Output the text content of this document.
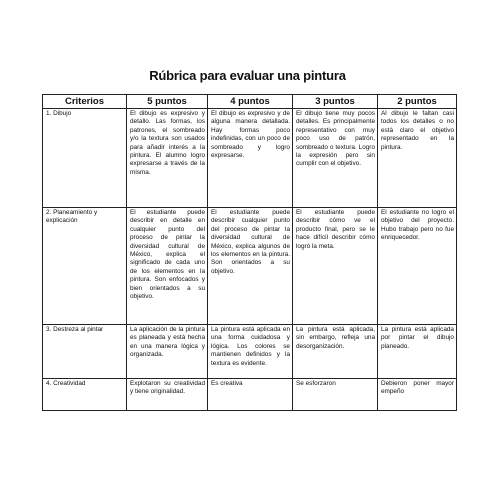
Rúbrica para evaluar una pintura
Criterios	5 puntos	4 puntos	3 puntos	2 puntos
1. Dibujo	El dibujo es expresivo y detallo. Las formas, los patrones, el sombreado y/o la textura son usados para añadir interés a la pintura. El alumno logro expresarse a través de la misma.	El dibujo es expresivo y de alguna manera detallada. Hay formas poco indefinidas, con un poco de sombreado y logro expresarse.	El dibujo tiene muy pocos detalles. Es principalmente representativo con muy poco uso de patrón, sombreado o textura. Logro la expresión pero sin cumplir con el objetivo.	Al dibujo le faltan casi todos los detalles o no está claro el objetivo representado en la pintura.
2. Planeamiento y explicación	El estudiante puede describir en detalle en cualquier punto del proceso de pintar la diversidad cultural de México, explica el significado de cada uno de los elementos en la pintura. Son enfocados y bien orientados a su objetivo.	El estudiante puede describir cualquier punto del proceso de pintar la diversidad cultural de México, explica algunos de los elementos en la pintura. Son orientados a su objetivo.	El estudiante puede describir cómo ve el producto final, pero se le hace difícil describir cómo logró la meta.	El estudiante no logro el objetivo del proyecto. Hubo trabajo pero no fue enriquecedor.
3. Destreza al pintar	La aplicación de la pintura es planeada y está hecha en una manera lógica y organizada.	La pintura está aplicada en una forma cuidadosa y lógica. Los colores se mantienen definidos y la textura es evidente.	La pintura está aplicada, sin embargo, refleja una desorganización.	La pintura está aplicada por pintar el dibujo planeado.
4. Creatividad	Explotaron su creatividad y tiene originalidad.	Es creativa	Se esforzaron	Debieron poner mayor empeño
